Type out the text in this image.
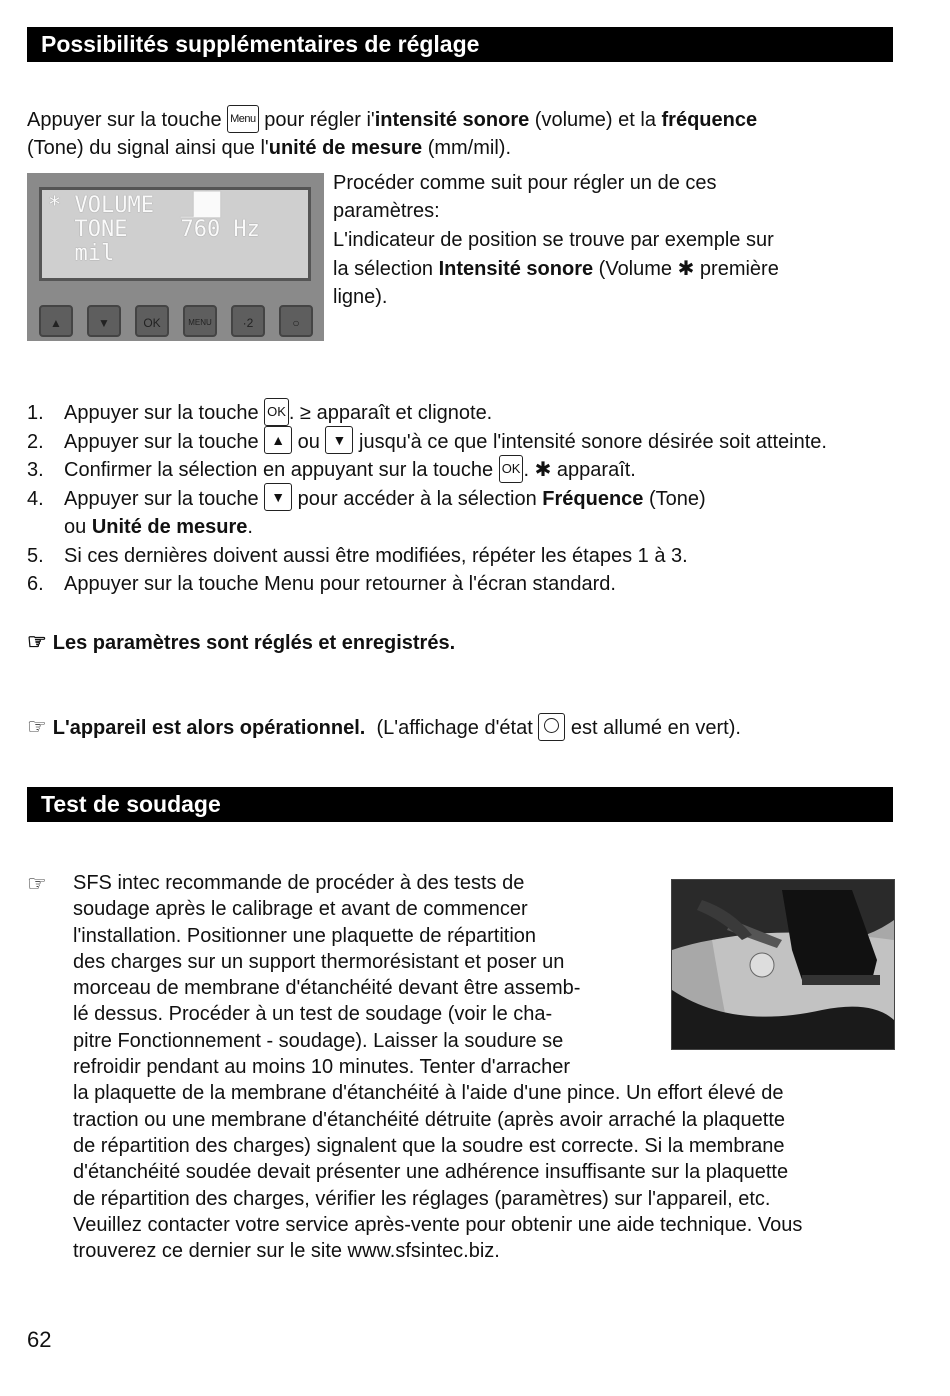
Possibilités supplémentaires de réglage
Appuyer sur la touche Menu pour régler i'intensité sonore (volume) et la fréquence
(Tone) du signal ainsi que l'unité de mesure (mm/mil).
* VOLUME  _██
TONE    760 Hz
mil
▲	▼	OK	MENU	·2	○
Procéder comme suit pour régler un de ces
paramètres:
L'indicateur de position se trouve par exemple sur
la sélection Intensité sonore (Volume ✱ première
ligne).
1. Appuyer sur la touche OK . ≥ apparaît et clignote.
2. Appuyer sur la touche ▲ ou ▼ jusqu'à ce que l'intensité sonore désirée soit atteinte.
3. Confirmer la sélection en appuyant sur la touche OK . ✱ apparaît.
4. Appuyer sur la touche ▼ pour accéder à la sélection Fréquence (Tone)
ou Unité de mesure.
5. Si ces dernières doivent aussi être modifiées, répéter les étapes 1 à 3.
6. Appuyer sur la touche Menu pour retourner à l'écran standard.
☞ Les paramètres sont réglés et enregistrés.
☞ L'appareil est alors opérationnel. (L'affichage d'état  est allumé en vert).
Test de soudage
☞ SFS intec recommande de procéder à des tests de
soudage après le calibrage et avant de commencer
l'installation. Positionner une plaquette de répartition
des charges sur un support thermorésistant et poser un
morceau de membrane d'étanchéité devant être assemb-
lé dessus. Procéder à un test de soudage (voir le cha-
pitre Fonctionnement - soudage). Laisser la soudure se
refroidir pendant au moins 10 minutes. Tenter d'arracher
la plaquette de la membrane d'étanchéité à l'aide d'une pince. Un effort élevé de
traction ou une membrane d'étanchéité détruite (après avoir arraché la plaquette
de répartition des charges) signalent que la soudre est correcte. Si la membrane
d'étanchéité soudée devait présenter une adhérence insuffisante sur la plaquette
de répartition des charges, vérifier les réglages (paramètres) sur l'appareil, etc.
Veuillez contacter votre service après-vente pour obtenir une aide technique. Vous
trouverez ce dernier sur le site www.sfsintec.biz.
62
